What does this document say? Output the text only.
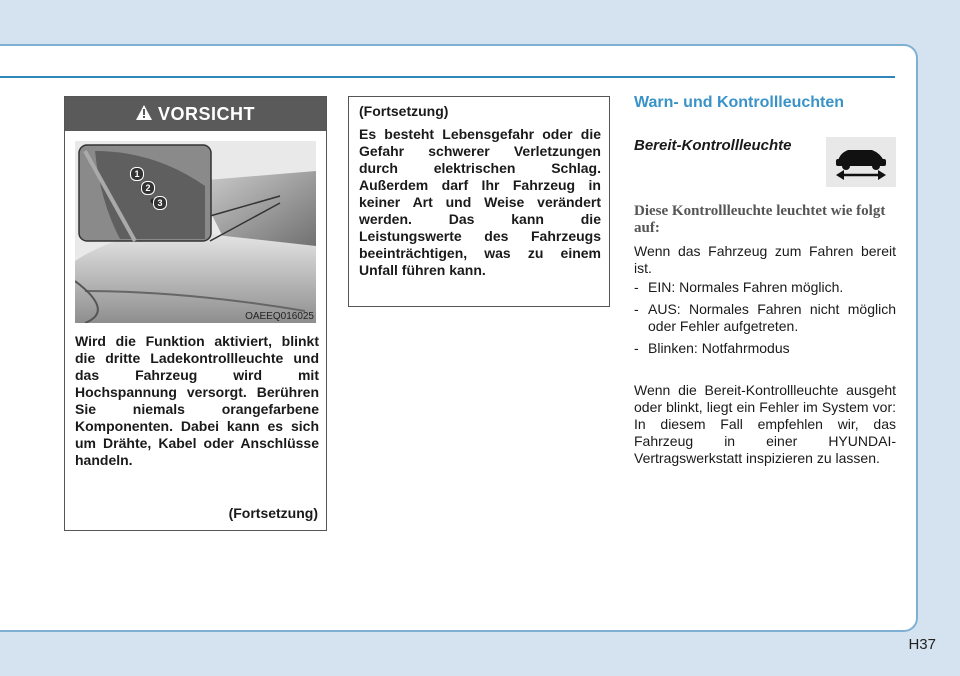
VORSICHT
1
2
3
OAEEQ016025

Wird die Funktion aktiviert, blinkt die dritte Ladekontrollleuchte und das Fahrzeug wird mit Hochspannung versorgt. Berühren Sie niemals orangefarbene Komponenten. Dabei kann es sich um Drähte, Kabel oder Anschlüsse handeln.

(Fortsetzung)

(Fortsetzung)

Es besteht Lebensgefahr oder die Gefahr schwerer Verletzungen durch elektrischen Schlag. Außerdem darf Ihr Fahrzeug in keiner Art und Weise verändert werden. Das kann die Leistungswerte des Fahrzeugs beeinträchtigen, was zu einem Unfall führen kann.

Warn- und Kontrollleuchten
Bereit-Kontrollleuchte

Diese Kontrollleuchte leuchtet wie folgt auf:

Wenn das Fahrzeug zum Fahren bereit ist.

- EIN: Normales Fahren möglich.
- AUS: Normales Fahren nicht möglich oder Fehler aufgetreten.
- Blinken: Notfahrmodus

Wenn die Bereit-Kontrollleuchte ausgeht oder blinkt, liegt ein Fehler im System vor: In diesem Fall empfehlen wir, das Fahrzeug in einer HYUNDAI-Vertragswerkstatt inspizieren zu lassen.

H37
